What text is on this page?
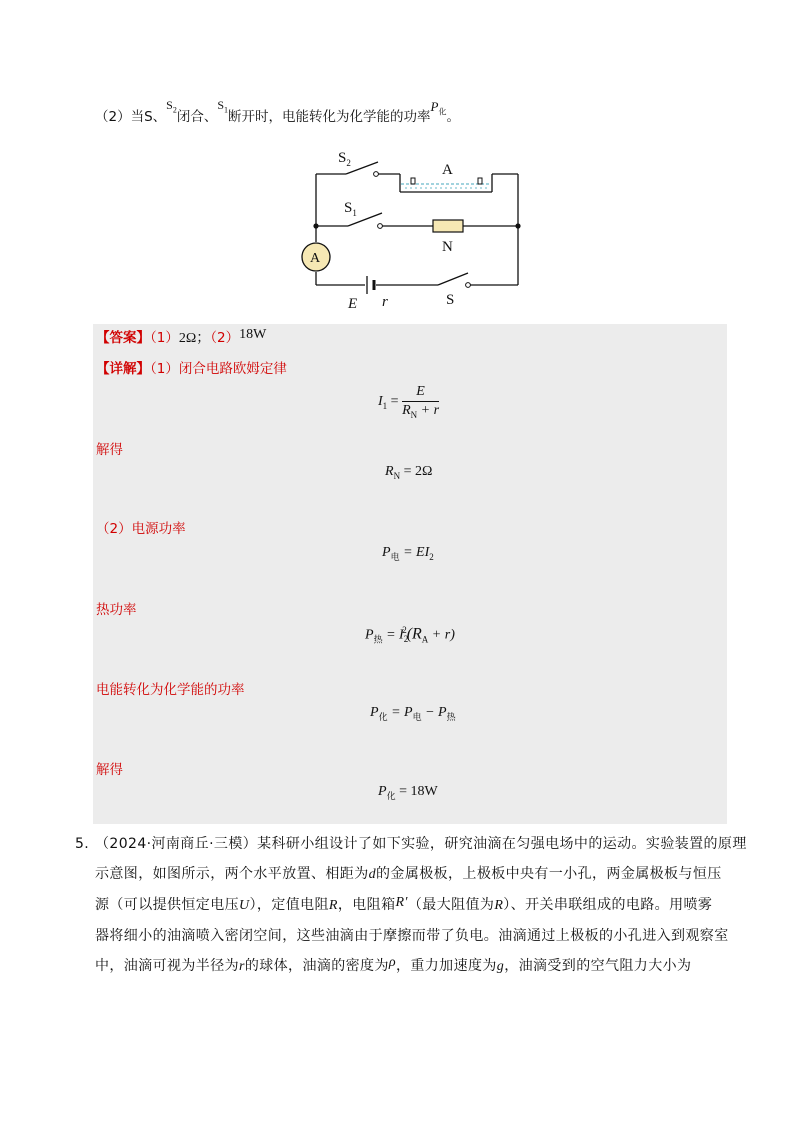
（2）当S、$S_2$闭合、$S_1$断开时，电能转化为化学能的功率$P_化$。
$S_2$	A
$S_1$
N
A
E r	S
【答案】（1）2Ω；（2）18W
【详解】（1）闭合电路欧姆定律
$I_1 = \frac{E}{R_N + r}$
解得
$R_N = 2\Omega$
（2）电源功率
$P_电 = EI_2$
热功率
$P_热 = I_2^2(R_A + r)$
电能转化为化学能的功率
$P_化 = P_电 - P_热$
解得
$P_化 = 18W$
5. （2024·河南商丘·三模）某科研小组设计了如下实验，研究油滴在匀强电场中的运动。实验装置的原理
示意图，如图所示，两个水平放置、相距为d的金属极板，上极板中央有一小孔，两金属极板与恒压
源（可以提供恒定电压U），定值电阻R，电阻箱R′（最大阻值为R）、开关串联组成的电路。用喷雾
器将细小的油滴喷入密闭空间，这些油滴由于摩擦而带了负电。油滴通过上极板的小孔进入到观察室
中，油滴可视为半径为r的球体，油滴的密度为ρ，重力加速度为g，油滴受到的空气阻力大小为
